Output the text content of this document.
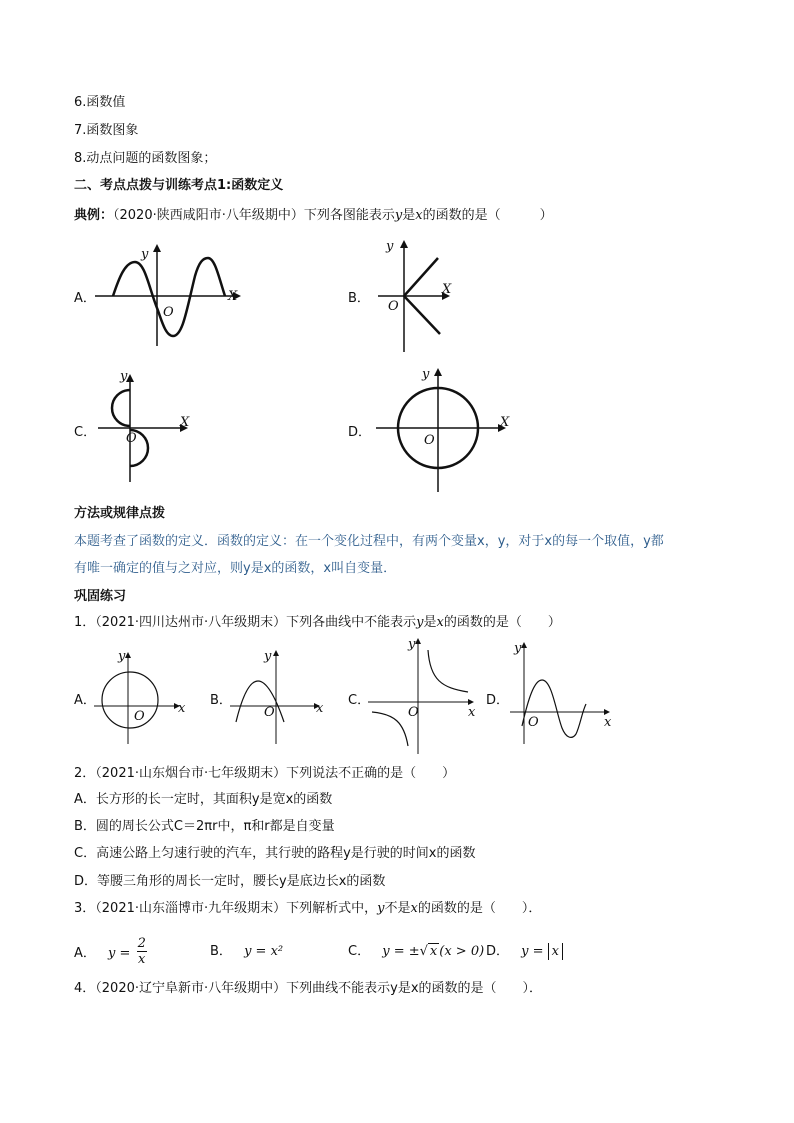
6.函数值
7.函数图象
8.动点问题的函数图象；
二、考点点拨与训练考点1:函数定义
典例：（2020·陕西咸阳市·八年级期中）下列各图能表示y是x的函数的是（　　　）
A．	B．
C．	D．
y
X
O
y
X
O
y
X
O
y
X
O
方法或规律点拨
本题考查了函数的定义．函数的定义：在一个变化过程中，有两个变量x，y，对于x的每一个取值，y都
有唯一确定的值与之对应，则y是x的函数，x叫自变量．
巩固练习
1．（2021·四川达州市·八年级期末）下列各曲线中不能表示y是x的函数的是（　　）
A．	B．	C．	D．
y
x
O
y
x
O
y
x
O
y
x
O
2．（2021·山东烟台市·七年级期末）下列说法不正确的是（　　）
A．长方形的长一定时，其面积y是宽x的函数
B．圆的周长公式C＝2πr中，π和r都是自变量
C．高速公路上匀速行驶的汽车，其行驶的路程y是行驶的时间x的函数
D．等腰三角形的周长一定时，腰长y是底边长x的函数
3．（2021·山东淄博市·九年级期末）下列解析式中，y不是x的函数的是（　　）．
A． $y = \frac{2}{x}$	B． y = x²	C． y = ±√ x (x > 0) D． y = x
4．（2020·辽宁阜新市·八年级期中）下列曲线不能表示y是x的函数的是（　　）．
